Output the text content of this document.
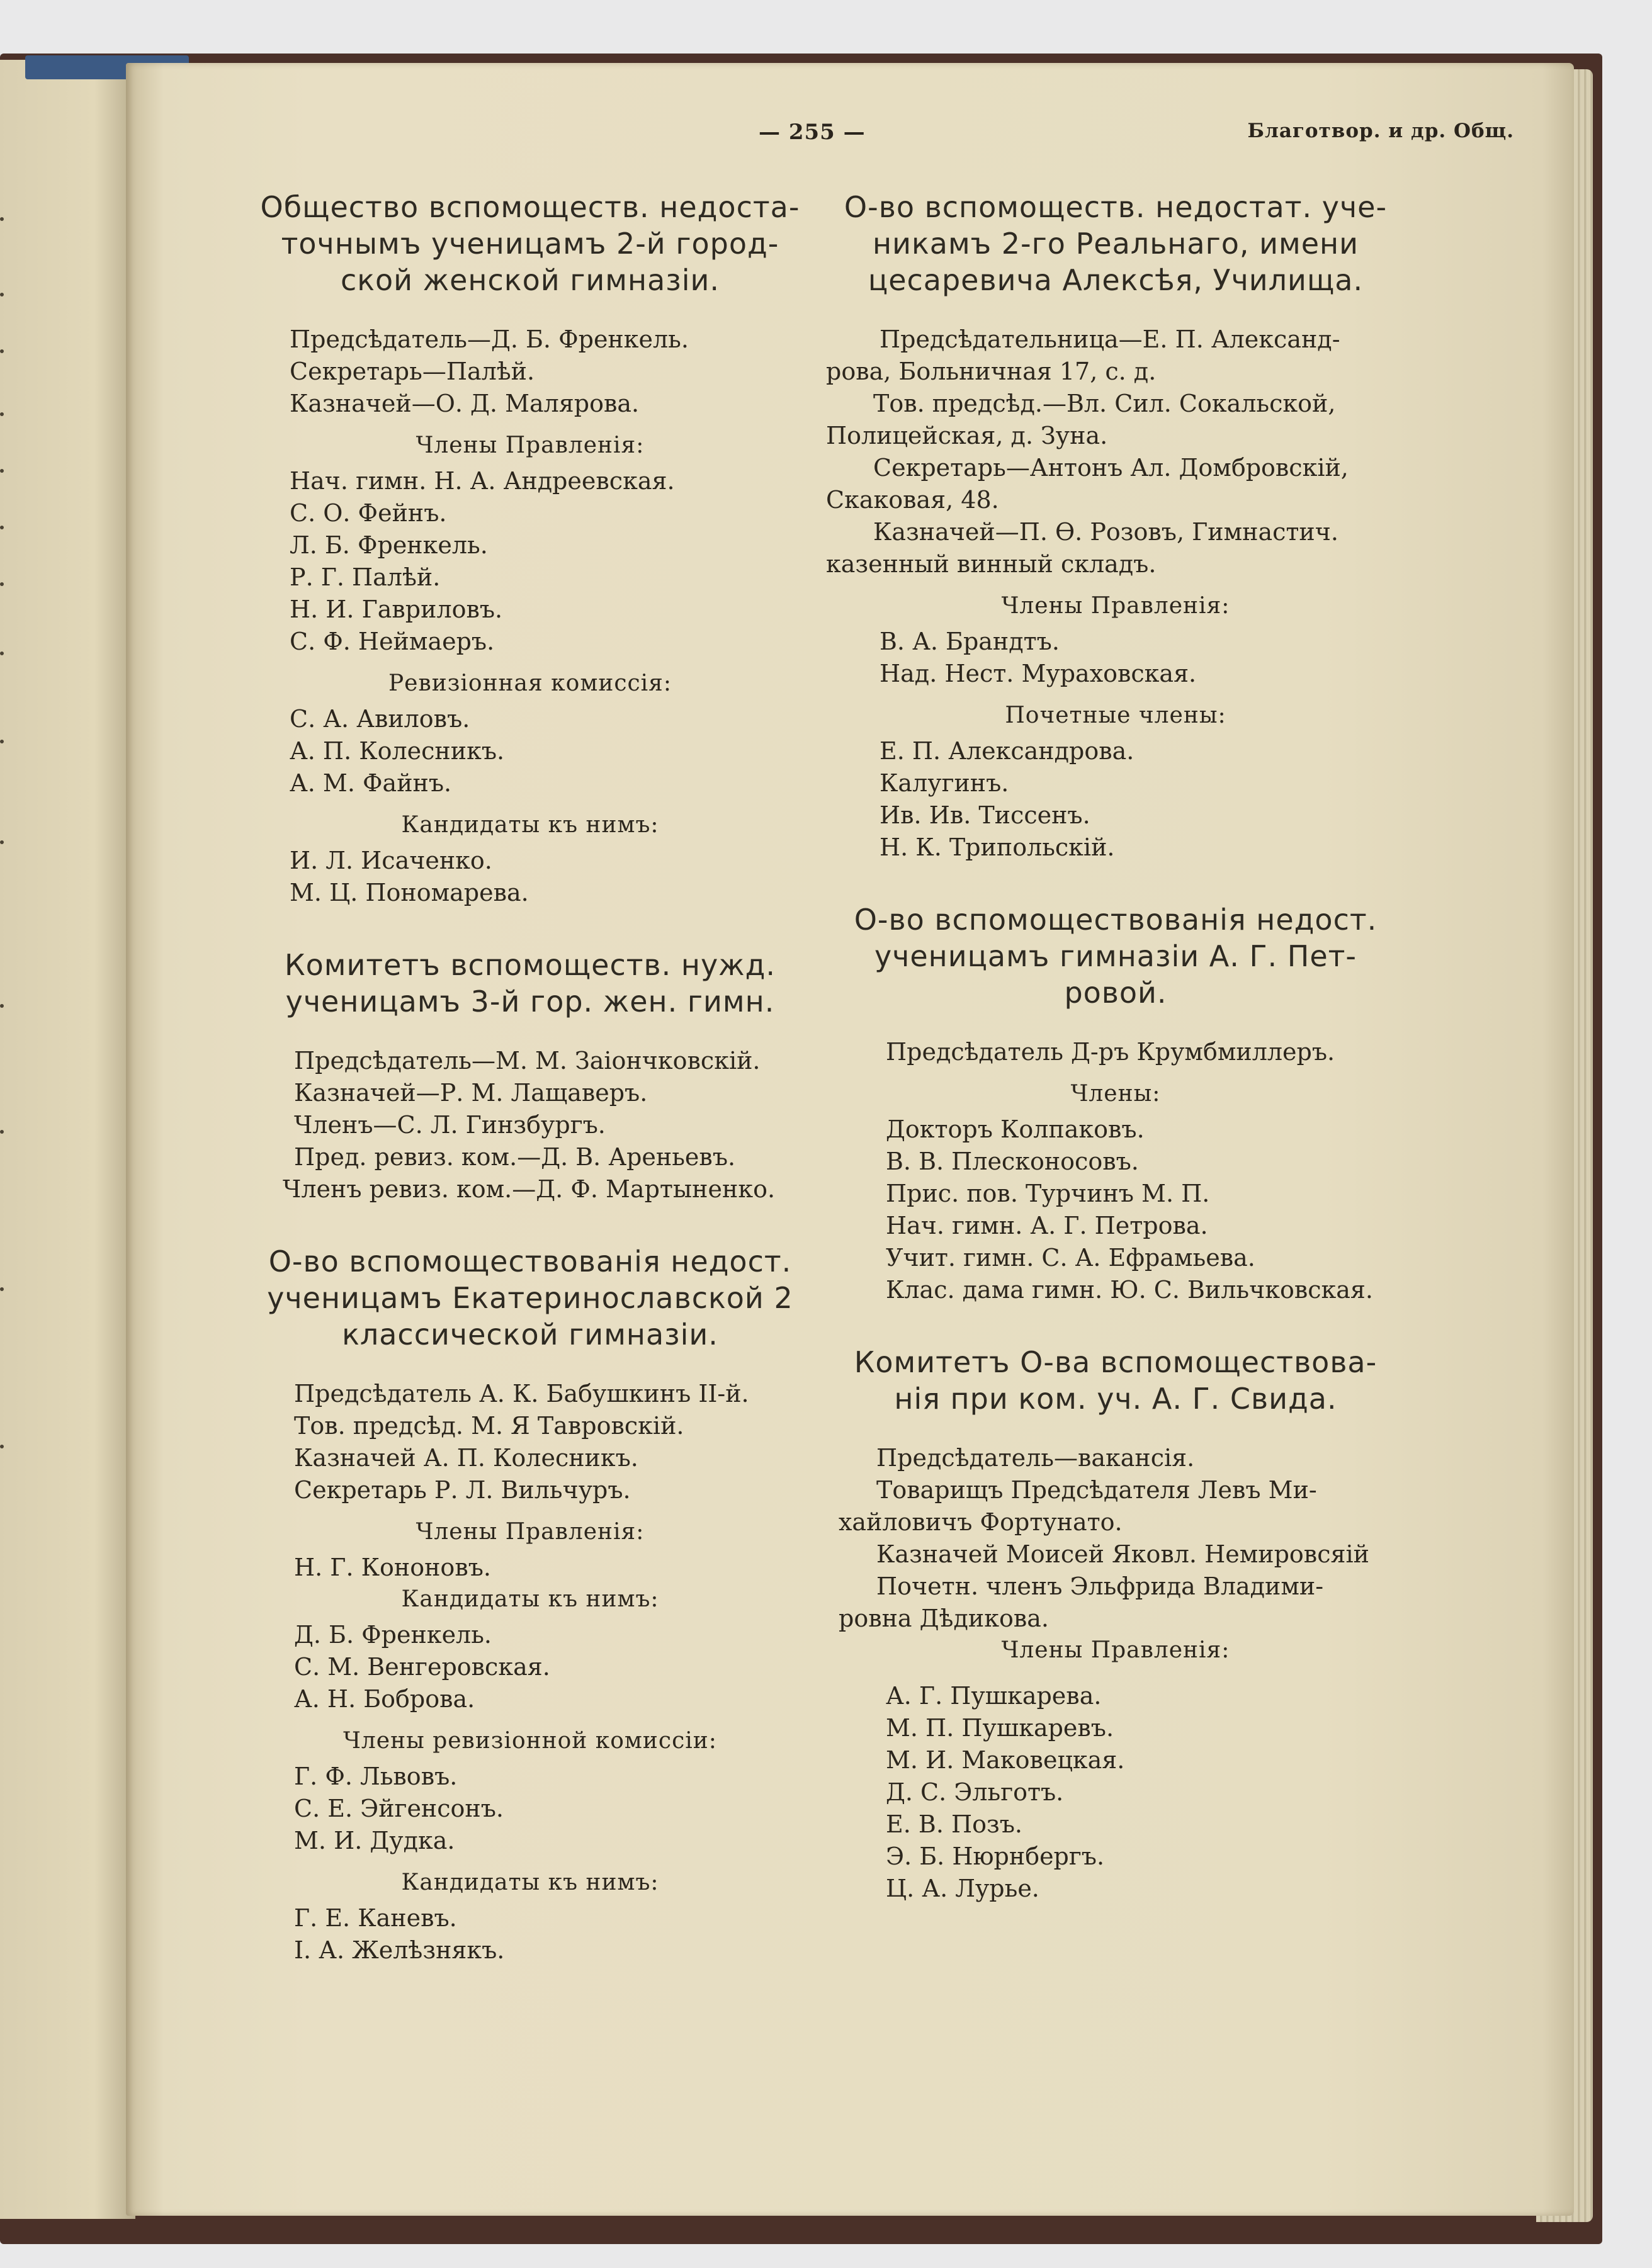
— 255 —	Благотвор. и др. Общ.
Общество вспомоществ. недоста-
точнымъ ученицамъ 2-й город-
ской женской гимназіи.
Предсѣдатель—Д. Б. Френкель.
Секретарь—Палѣй.
Казначей—О. Д. Малярова.
Члены Правленія:
Нач. гимн. Н. А. Андреевская.
С. О. Фейнъ.
Л. Б. Френкель.
Р. Г. Палѣй.
Н. И. Гавриловъ.
С. Ф. Неймаеръ.
Ревизіонная комиссія:
С. А. Авиловъ.
А. П. Колесникъ.
А. М. Файнъ.
Кандидаты къ нимъ:
И. Л. Исаченко.
М. Ц. Пономарева.
Комитетъ вспомоществ. нужд.
ученицамъ 3-й гор. жен. гимн.
Предсѣдатель—М. М. Заіончковскій.
Казначей—Р. М. Лащаверъ.
Членъ—С. Л. Гинзбургъ.
Пред. ревиз. ком.—Д. В. Ареньевъ.
Членъ ревиз. ком.—Д. Ф. Мартыненко.
О-во вспомоществованія недост.
ученицамъ Екатеринославской 2
классической гимназіи.
Предсѣдатель А. К. Бабушкинъ II-й.
Тов. предсѣд. М. Я Тавровскій.
Казначей А. П. Колесникъ.
Секретарь Р. Л. Вильчуръ.
Члены Правленія:
Н. Г. Кононовъ.
Кандидаты къ нимъ:
Д. Б. Френкель.
С. М. Венгеровская.
А. Н. Боброва.
Члены ревизіонной комиссіи:
Г. Ф. Львовъ.
С. Е. Эйгенсонъ.
М. И. Дудка.
Кандидаты къ нимъ:
Г. Е. Каневъ.
І. А. Желѣзнякъ.
О-во вспомоществ. недостат. уче-
никамъ 2-го Реальнаго, имени
цесаревича Алексѣя, Училища.
Предсѣдательница—Е. П. Александ-
рова, Больничная 17, с. д.
Тов. предсѣд.—Вл. Сил. Сокальской,
Полицейская, д. Зуна.
Секретарь—Антонъ Ал. Домбровскій,
Скаковая, 48.
Казначей—П. Ѳ. Розовъ, Гимнастич.
казенный винный складъ.
Члены Правленія:
В. А. Брандтъ.
Над. Нест. Мураховская.
Почетные члены:
Е. П. Александрова.
Калугинъ.
Ив. Ив. Тиссенъ.
Н. К. Трипольскій.
О-во вспомоществованія недост.
ученицамъ гимназіи А. Г. Пет-
ровой.
Предсѣдатель Д-ръ Крумбмиллеръ.
Члены:
Докторъ Колпаковъ.
В. В. Плесконосовъ.
Прис. пов. Турчинъ М. П.
Нач. гимн. А. Г. Петрова.
Учит. гимн. С. А. Ефрамьева.
Клас. дама гимн. Ю. С. Вильчковская.
Комитетъ О-ва вспомоществова-
нія при ком. уч. А. Г. Свида.
Предсѣдатель—вакансія.
Товарищъ Предсѣдателя Левъ Ми-
хайловичъ Фортунато.
Казначей Моисей Яковл. Немировсяій
Почетн. членъ Эльфрида Владими-
ровна Дѣдикова.
Члены Правленія:
А. Г. Пушкарева.
М. П. Пушкаревъ.
М. И. Маковецкая.
Д. С. Эльготъ.
Е. В. Позъ.
Э. Б. Нюрнбергъ.
Ц. А. Лурье.
